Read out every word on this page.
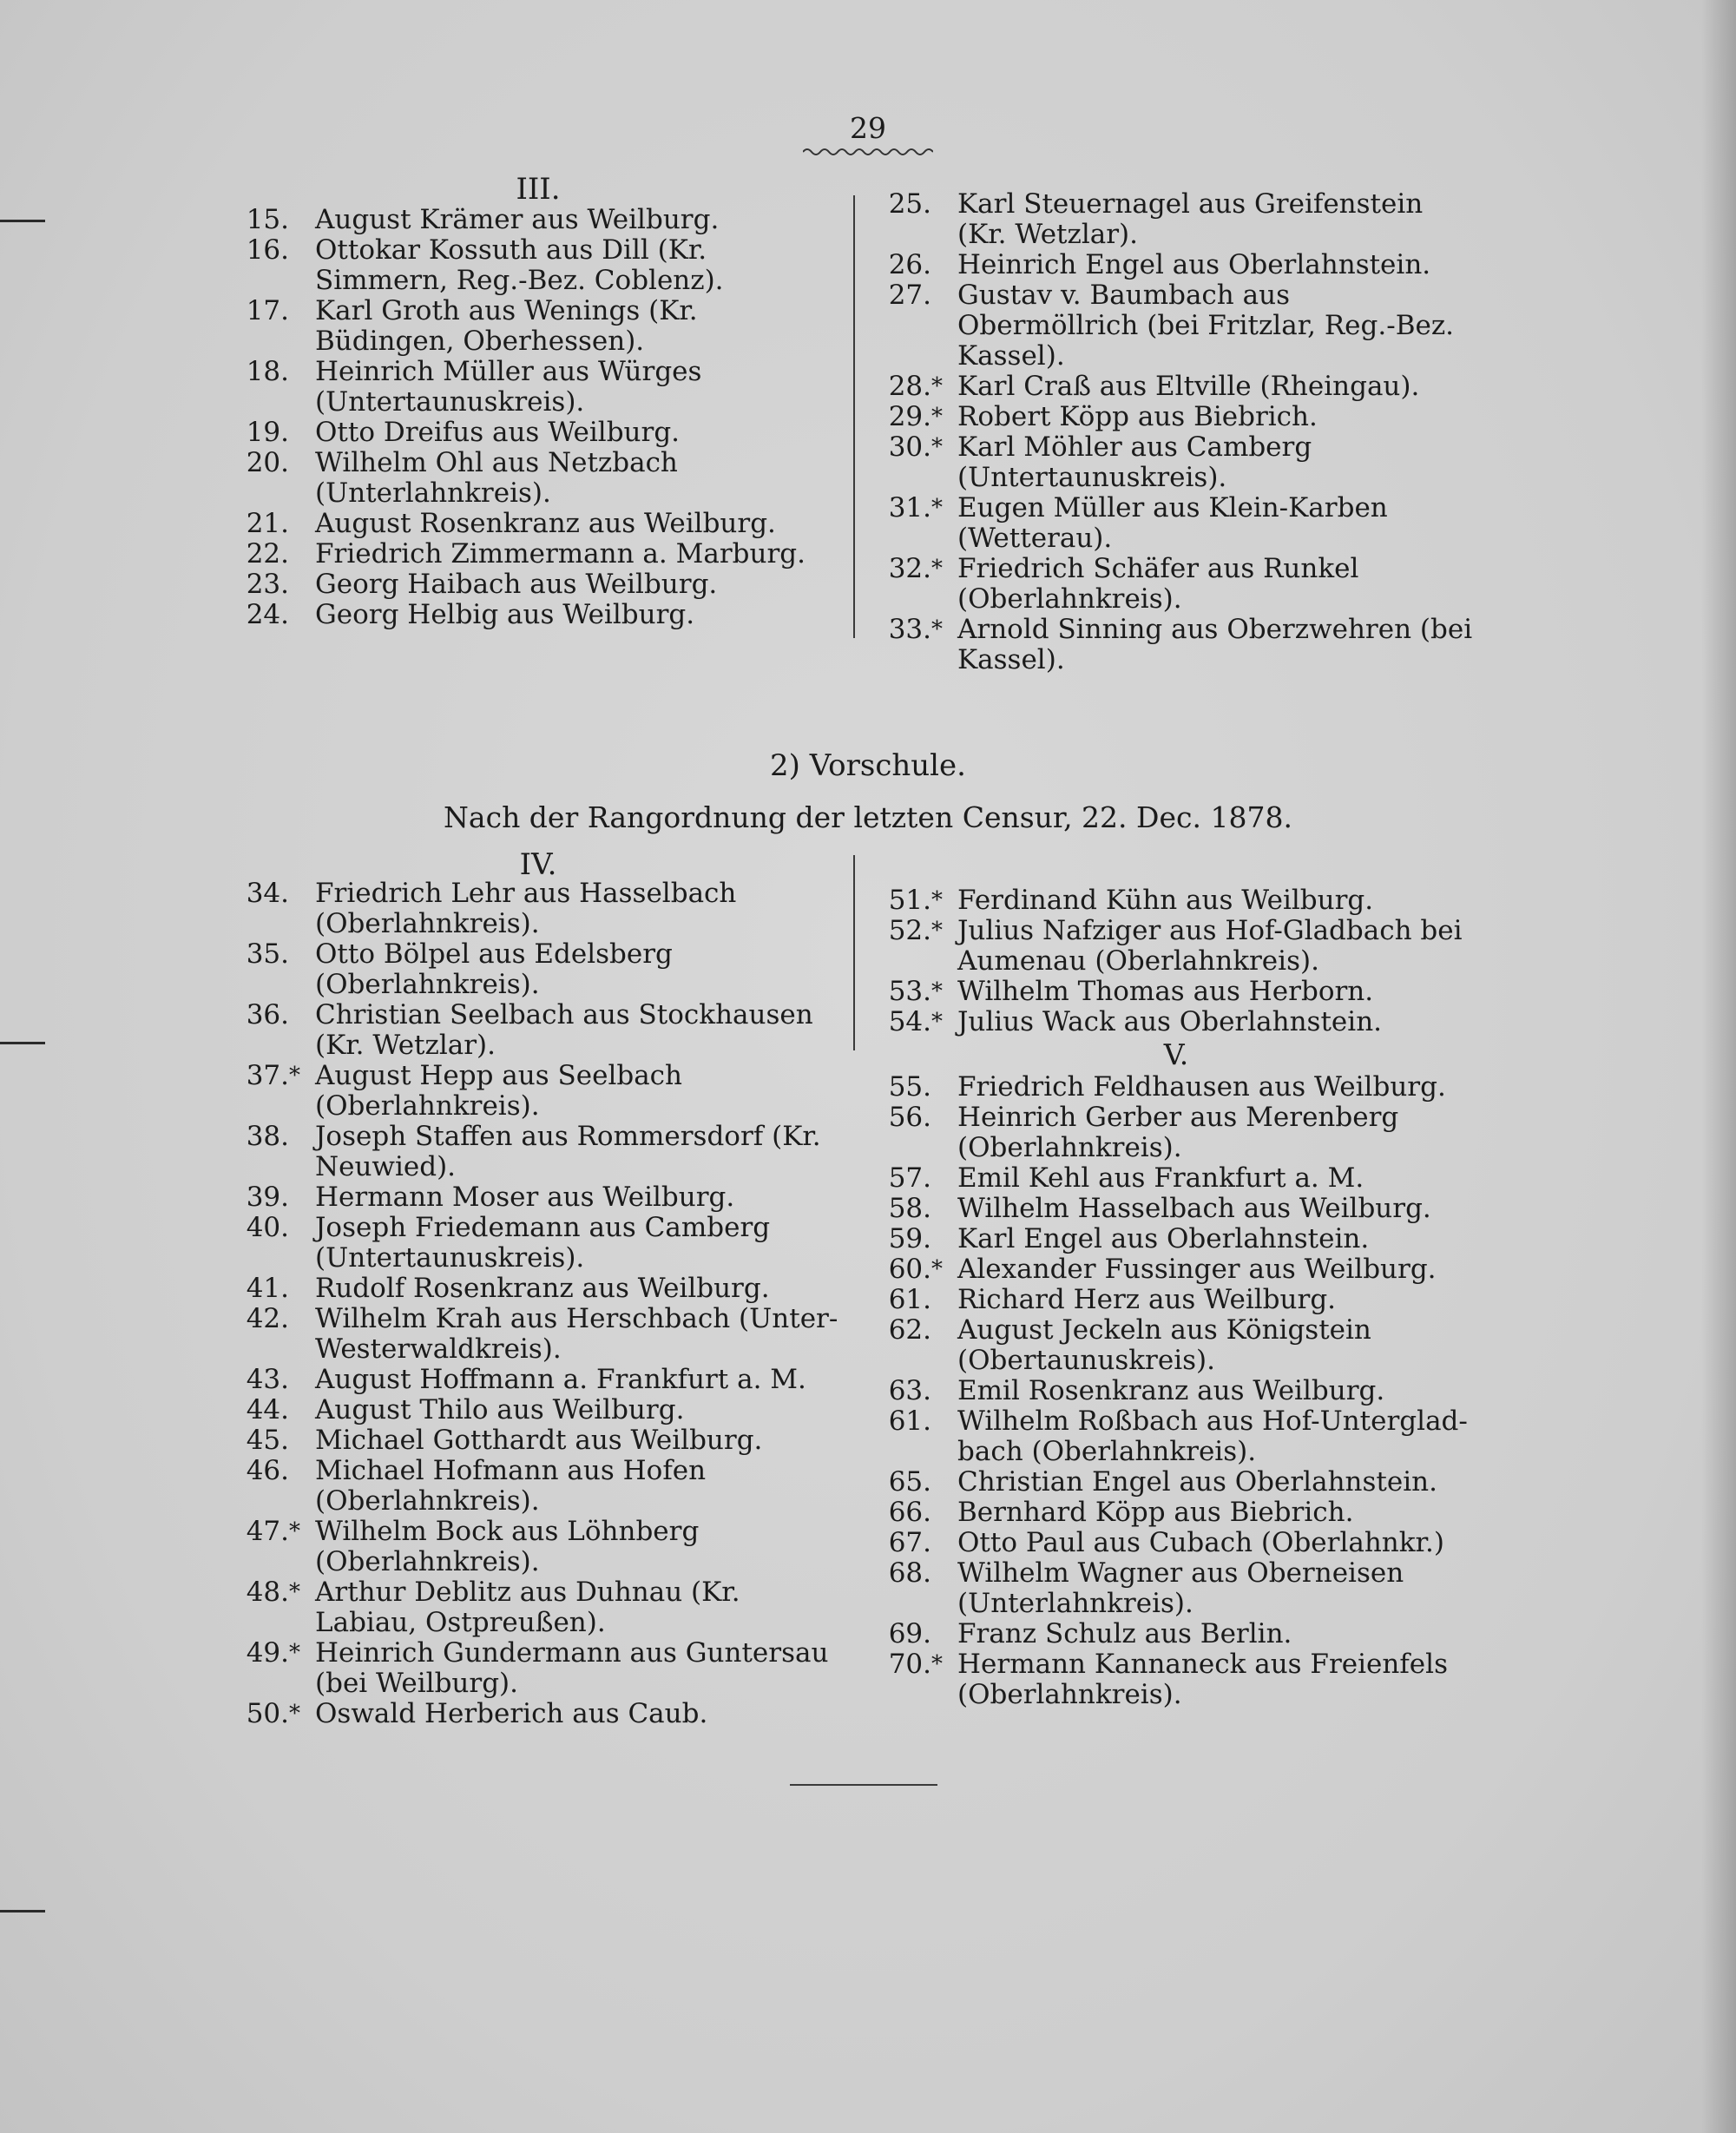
29
III.
15. August Krämer aus Weilburg.
16. Ottokar Kossuth aus Dill (Kr. Simmern, Reg.-Bez. Coblenz).
17. Karl Groth aus Wenings (Kr. Büdingen, Oberhessen).
18. Heinrich Müller aus Würges (Untertaunuskreis).
19. Otto Dreifus aus Weilburg.
20. Wilhelm Ohl aus Netzbach (Unterlahnkreis).
21. August Rosenkranz aus Weilburg.
22. Friedrich Zimmermann a. Marburg.
23. Georg Haibach aus Weilburg.
24. Georg Helbig aus Weilburg.
25. Karl Steuernagel aus Greifenstein (Kr. Wetzlar).
26. Heinrich Engel aus Oberlahnstein.
27. Gustav v. Baumbach aus Obermöllrich (bei Fritzlar, Reg.-Bez. Kassel).
28. * Karl Craß aus Eltville (Rheingau).
29. * Robert Köpp aus Biebrich.
30. * Karl Möhler aus Camberg (Untertaunuskreis).
31. * Eugen Müller aus Klein-Karben (Wetterau).
32. * Friedrich Schäfer aus Runkel (Oberlahnkreis).
33. * Arnold Sinning aus Oberzwehren (bei Kassel).
2) Vorschule.
Nach der Rangordnung der letzten Censur, 22. Dec. 1878.
IV.
34. Friedrich Lehr aus Hasselbach (Oberlahnkreis).
35. Otto Bölpel aus Edelsberg (Oberlahnkreis).
36. Christian Seelbach aus Stockhausen (Kr. Wetzlar).
37. * August Hepp aus Seelbach (Oberlahnkreis).
38. Joseph Staffen aus Rommersdorf (Kr. Neuwied).
39. Hermann Moser aus Weilburg.
40. Joseph Friedemann aus Camberg (Untertaunuskreis).
41. Rudolf Rosenkranz aus Weilburg.
42. Wilhelm Krah aus Herschbach (Unter-Westerwaldkreis).
43. August Hoffmann a. Frankfurt a. M.
44. August Thilo aus Weilburg.
45. Michael Gotthardt aus Weilburg.
46. Michael Hofmann aus Hofen (Oberlahnkreis).
47. * Wilhelm Bock aus Löhnberg (Oberlahnkreis).
48. * Arthur Deblitz aus Duhnau (Kr. Labiau, Ostpreußen).
49. * Heinrich Gundermann aus Guntersau (bei Weilburg).
50. * Oswald Herberich aus Caub.
51. * Ferdinand Kühn aus Weilburg.
52. * Julius Nafziger aus Hof-Gladbach bei Aumenau (Oberlahnkreis).
53. * Wilhelm Thomas aus Herborn.
54. * Julius Wack aus Oberlahnstein.
V.
55. Friedrich Feldhausen aus Weilburg.
56. Heinrich Gerber aus Merenberg (Oberlahnkreis).
57. Emil Kehl aus Frankfurt a. M.
58. Wilhelm Hasselbach aus Weilburg.
59. Karl Engel aus Oberlahnstein.
60. * Alexander Fussinger aus Weilburg.
61. Richard Herz aus Weilburg.
62. August Jeckeln aus Königstein (Obertaunuskreis).
63. Emil Rosenkranz aus Weilburg.
61. Wilhelm Roßbach aus Hof-Unterglad-bach (Oberlahnkreis).
65. Christian Engel aus Oberlahnstein.
66. Bernhard Köpp aus Biebrich.
67. Otto Paul aus Cubach (Oberlahnkr.)
68. Wilhelm Wagner aus Oberneisen (Unterlahnkreis).
69. Franz Schulz aus Berlin.
70. * Hermann Kannaneck aus Freienfels (Oberlahnkreis).
